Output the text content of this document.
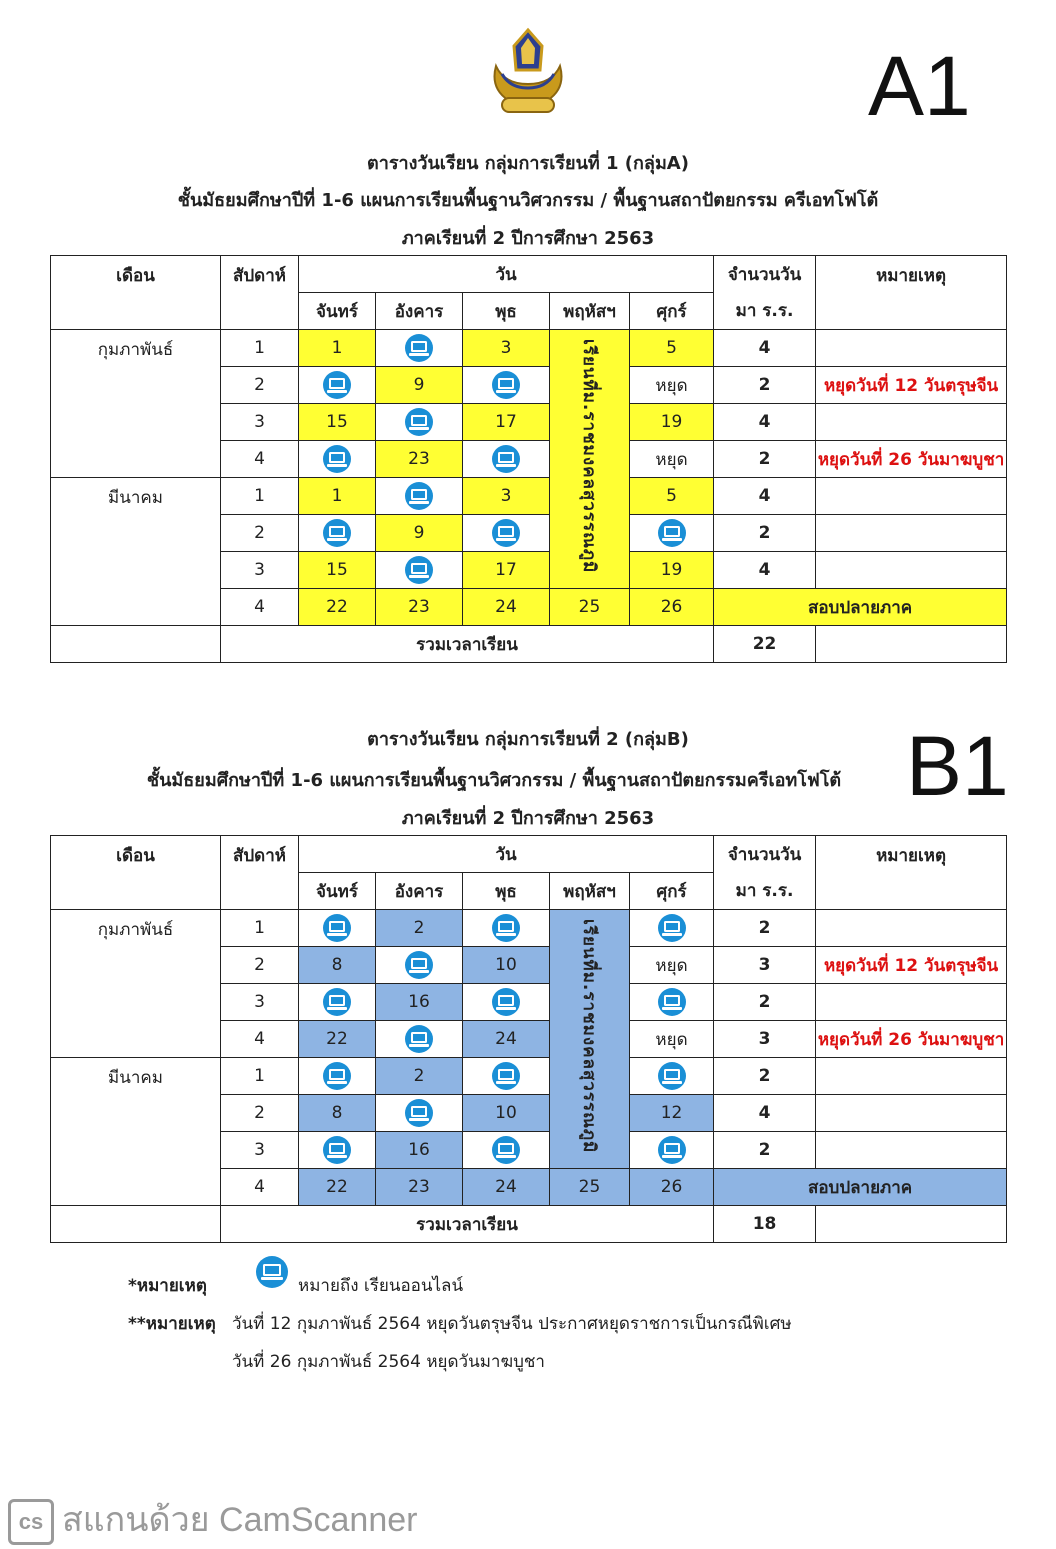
A1
ตารางวันเรียน กลุ่มการเรียนที่ 1 (กลุ่มA)
ชั้นมัธยมศึกษาปีที่ 1-6 แผนการเรียนพื้นฐานวิศวกรรม / พื้นฐานสถาปัตยกรรม ครีเอทโฟโต้
ภาคเรียนที่ 2 ปีการศึกษา 2563
เดือน	สัปดาห์	วัน					จำนวนวัน	หมายเหตุ
		จันทร์	อังคาร	พุธ	พฤหัสฯ	ศุกร์	มา ร.ร.	
กุมภาพันธ์	1	1		3	เรียนที่ม.ราชมงคลสุวรรณภูมิ	5	4	
	2		9			หยุด	2	หยุดวันที่ 12 วันตรุษจีน
	3	15		17		19	4	
	4		23			หยุด	2	หยุดวันที่ 26 วันมาฆบูชา
มีนาคม	1	1		3		5	4	
	2		9				2	
	3	15		17		19	4	
	4	22	23	24	25	26	สอบปลายภาค	
	รวมเวลาเรียน						22	
ตารางวันเรียน กลุ่มการเรียนที่ 2 (กลุ่มB)	B1
ชั้นมัธยมศึกษาปีที่ 1-6 แผนการเรียนพื้นฐานวิศวกรรม / พื้นฐานสถาปัตยกรรมครีเอทโฟโต้
ภาคเรียนที่ 2 ปีการศึกษา 2563
เดือน	สัปดาห์	วัน					จำนวนวัน	หมายเหตุ
		จันทร์	อังคาร	พุธ	พฤหัสฯ	ศุกร์	มา ร.ร.	
กุมภาพันธ์	1		2		เรียนที่ม.ราชมงคลสุวรรณภูมิ		2	
	2	8		10		หยุด	3	หยุดวันที่ 12 วันตรุษจีน
	3		16				2	
	4	22		24		หยุด	3	หยุดวันที่ 26 วันมาฆบูชา
มีนาคม	1		2				2	
	2	8		10		12	4	
	3		16				2	
	4	22	23	24	25	26	สอบปลายภาค	
	รวมเวลาเรียน						18	
*หมายเหตุ	หมายถึง เรียนออนไลน์
**หมายเหตุ วันที่ 12 กุมภาพันธ์ 2564 หยุดวันตรุษจีน ประกาศหยุดราชการเป็นกรณีพิเศษ
วันที่ 26 กุมภาพันธ์ 2564 หยุดวันมาฆบูชา
cs สแกนด้วย CamScanner
